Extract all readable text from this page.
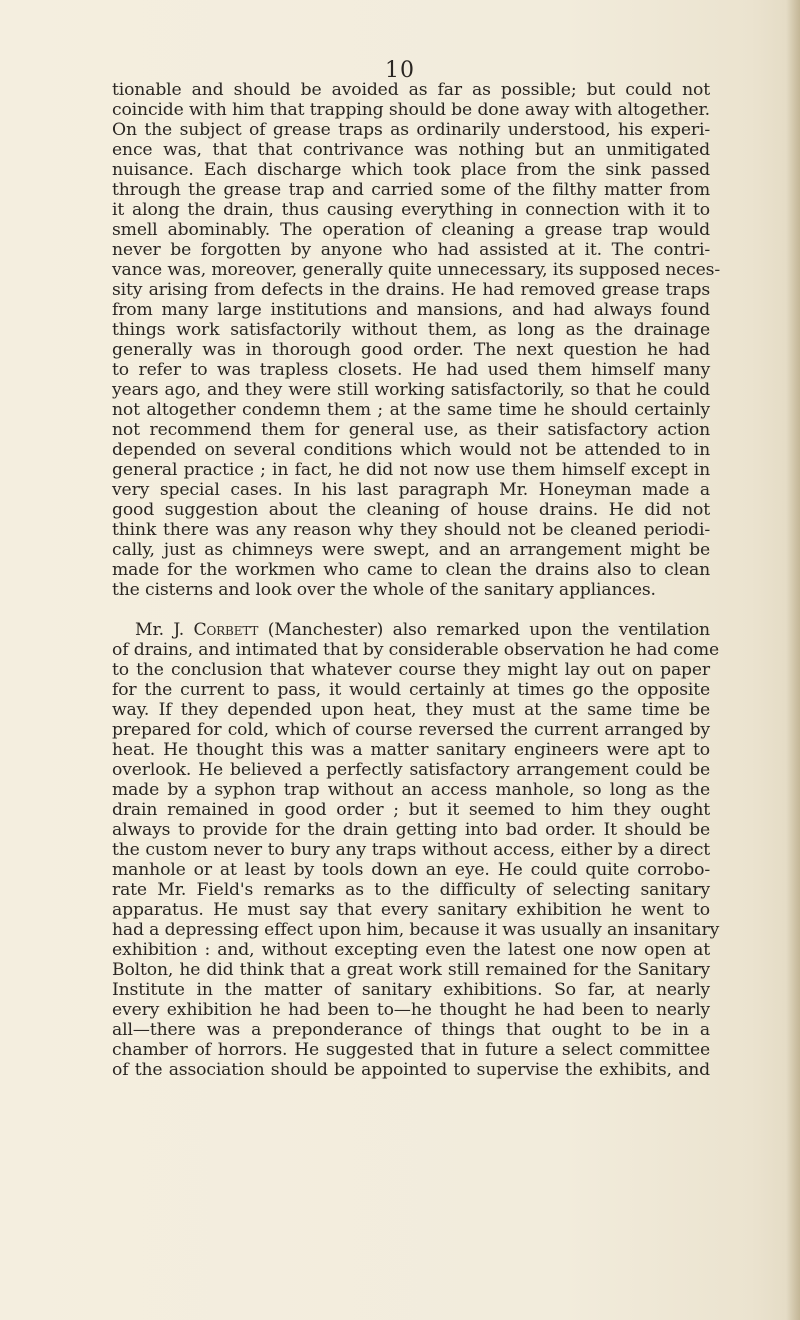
10
tionable and should be avoided as far as possible; but could not
coincide with him that trapping should be done away with altogether.
On the subject of grease traps as ordinarily understood, his experi-
ence was, that that contrivance was nothing but an unmitigated
nuisance. Each discharge which took place from the sink passed
through the grease trap and carried some of the filthy matter from
it along the drain, thus causing everything in connection with it to
smell abominably. The operation of cleaning a grease trap would
never be forgotten by anyone who had assisted at it. The contri-
vance was, moreover, generally quite unnecessary, its supposed neces-
sity arising from defects in the drains. He had removed grease traps
from many large institutions and mansions, and had always found
things work satisfactorily without them, as long as the drainage
generally was in thorough good order. The next question he had
to refer to was trapless closets. He had used them himself many
years ago, and they were still working satisfactorily, so that he could
not altogether condemn them ; at the same time he should certainly
not recommend them for general use, as their satisfactory action
depended on several conditions which would not be attended to in
general practice ; in fact, he did not now use them himself except in
very special cases. In his last paragraph Mr. Honeyman made a
good suggestion about the cleaning of house drains. He did not
think there was any reason why they should not be cleaned periodi-
cally, just as chimneys were swept, and an arrangement might be
made for the workmen who came to clean the drains also to clean
the cisterns and look over the whole of the sanitary appliances.
Mr. J. Corbett (Manchester) also remarked upon the ventilation
of drains, and intimated that by considerable observation he had come
to the conclusion that whatever course they might lay out on paper
for the current to pass, it would certainly at times go the opposite
way. If they depended upon heat, they must at the same time be
prepared for cold, which of course reversed the current arranged by
heat. He thought this was a matter sanitary engineers were apt to
overlook. He believed a perfectly satisfactory arrangement could be
made by a syphon trap without an access manhole, so long as the
drain remained in good order ; but it seemed to him they ought
always to provide for the drain getting into bad order. It should be
the custom never to bury any traps without access, either by a direct
manhole or at least by tools down an eye. He could quite corrobo-
rate Mr. Field's remarks as to the difficulty of selecting sanitary
apparatus. He must say that every sanitary exhibition he went to
had a depressing effect upon him, because it was usually an insanitary
exhibition : and, without excepting even the latest one now open at
Bolton, he did think that a great work still remained for the Sanitary
Institute in the matter of sanitary exhibitions. So far, at nearly
every exhibition he had been to—he thought he had been to nearly
all—there was a preponderance of things that ought to be in a
chamber of horrors. He suggested that in future a select committee
of the association should be appointed to supervise the exhibits, and
